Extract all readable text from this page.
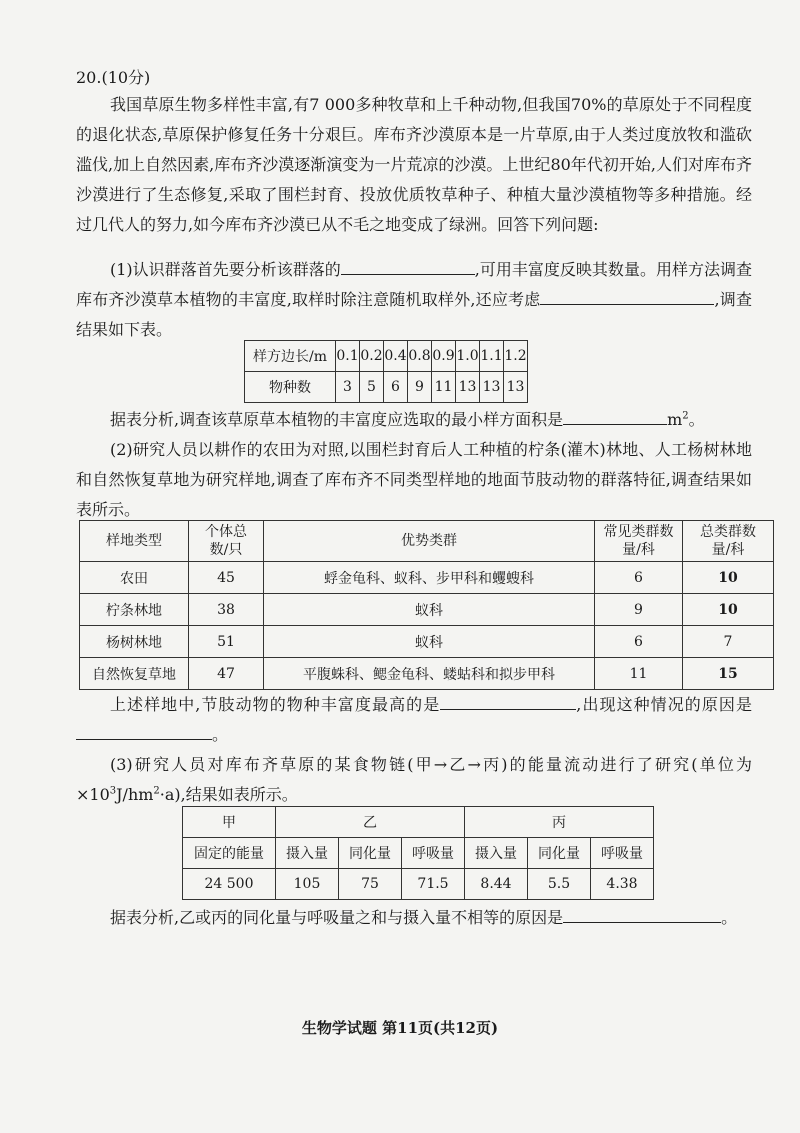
20.(10分)

我国草原生物多样性丰富,有7 000多种牧草和上千种动物,但我国70%的草原处于不同程度的退化状态,草原保护修复任务十分艰巨。库布齐沙漠原本是一片草原,由于人类过度放牧和滥砍滥伐,加上自然因素,库布齐沙漠逐渐演变为一片荒凉的沙漠。上世纪80年代初开始,人们对库布齐沙漠进行了生态修复,采取了围栏封育、投放优质牧草种子、种植大量沙漠植物等多种措施。经过几代人的努力,如今库布齐沙漠已从不毛之地变成了绿洲。回答下列问题:

(1)认识群落首先要分析该群落的	,可用丰富度反映其数量。用样方法调查库布齐沙漠草本植物的丰富度,取样时除注意随机取样外,还应考虑	,调查结果如下表。

样方边长/m	0.1	0.2	0.4	0.8	0.9	1.0	1.1	1.2
物种数	3	5	6	9	11	13	13	13

据表分析,调查该草原草本植物的丰富度应选取的最小样方面积是	$m^2$。

(2)研究人员以耕作的农田为对照,以围栏封育后人工种植的柠条(灌木)林地、人工杨树林地和自然恢复草地为研究样地,调查了库布齐不同类型样地的地面节肢动物的群落特征,调查结果如表所示。

样地类型	个体总数/只	优势类群	常见类群数量/科	总类群数量/科
农田	45	蜉金龟科、蚁科、步甲科和蠼螋科	6	10
柠条林地	38	蚁科	9	10
杨树林地	51	蚁科	6	7
自然恢复草地	47	平腹蛛科、鳃金龟科、蝼蛄科和拟步甲科	11	15

上述样地中,节肢动物的物种丰富度最高的是	,出现这种情况的原因是。

(3)研究人员对库布齐草原的某食物链(甲→乙→丙)的能量流动进行了研究(单位为$\times 10^3J/hm^2\cdot a$),结果如表所示。

甲	乙			丙		
固定的能量	摄入量	同化量	呼吸量	摄入量	同化量	呼吸量
24 500	105	75	71.5	8.44	5.5	4.38

据表分析,乙或丙的同化量与呼吸量之和与摄入量不相等的原因是	。

生物学试题 第11页(共12页)
